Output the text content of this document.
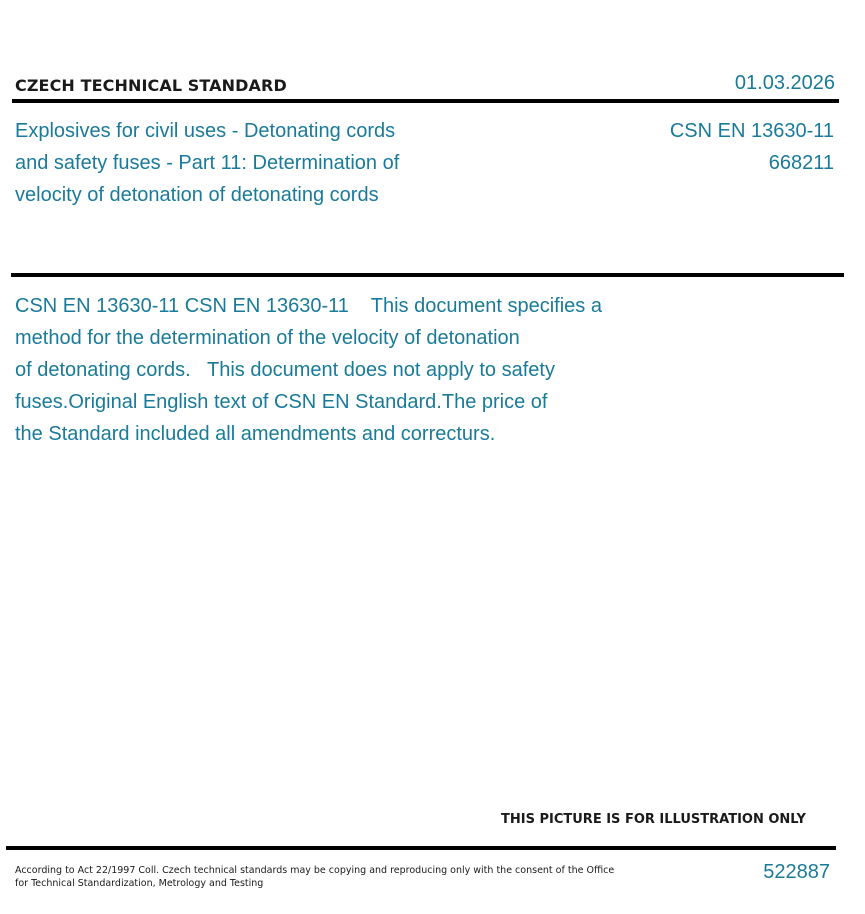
CZECH TECHNICAL STANDARD	01.03.2026
Explosives for civil uses - Detonating cords
and safety fuses - Part 11: Determination of
velocity of detonation of detonating cords
CSN EN 13630-11
668211
CSN EN 13630-11 CSN EN 13630-11    This document specifies a
method for the determination of the velocity of detonation
of detonating cords.   This document does not apply to safety
fuses.Original English text of CSN EN Standard.The price of
the Standard included all amendments and correcturs.
THIS PICTURE IS FOR ILLUSTRATION ONLY
According to Act 22/1997 Coll. Czech technical standards may be copying and reproducing only with the consent of the Office
for Technical Standardization, Metrology and Testing
522887
